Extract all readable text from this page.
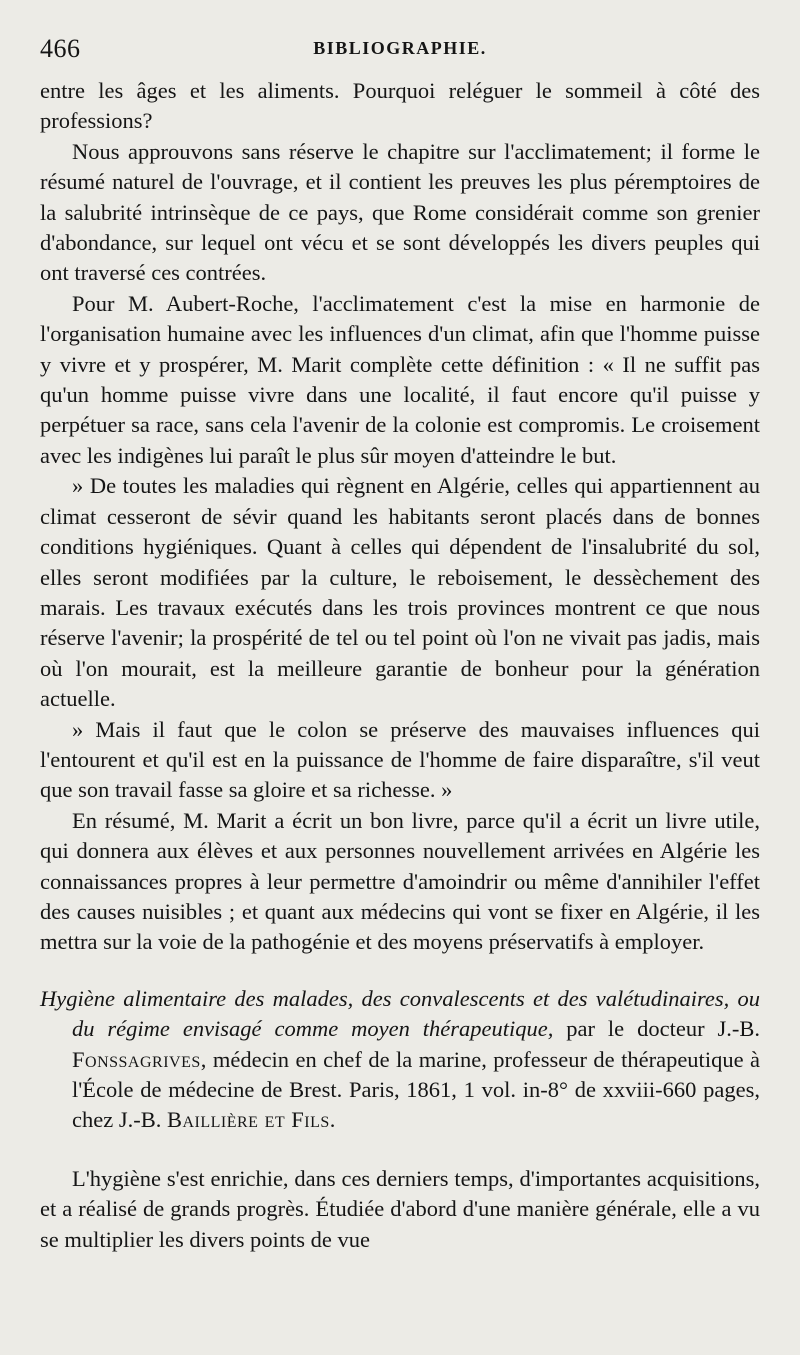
466	BIBLIOGRAPHIE.

entre les âges et les aliments. Pourquoi reléguer le sommeil à côté des professions?

Nous approuvons sans réserve le chapitre sur l'acclimatement; il forme le résumé naturel de l'ouvrage, et il contient les preuves les plus péremptoires de la salubrité intrinsèque de ce pays, que Rome considérait comme son grenier d'abondance, sur lequel ont vécu et se sont développés les divers peuples qui ont traversé ces contrées.

Pour M. Aubert-Roche, l'acclimatement c'est la mise en harmonie de l'organisation humaine avec les influences d'un climat, afin que l'homme puisse y vivre et y prospérer, M. Marit complète cette définition : « Il ne suffit pas qu'un homme puisse vivre dans une localité, il faut encore qu'il puisse y perpétuer sa race, sans cela l'avenir de la colonie est compromis. Le croisement avec les indigènes lui paraît le plus sûr moyen d'atteindre le but.

» De toutes les maladies qui règnent en Algérie, celles qui appartiennent au climat cesseront de sévir quand les habitants seront placés dans de bonnes conditions hygiéniques. Quant à celles qui dépendent de l'insalubrité du sol, elles seront modifiées par la culture, le reboisement, le dessèchement des marais. Les travaux exécutés dans les trois provinces montrent ce que nous réserve l'avenir; la prospérité de tel ou tel point où l'on ne vivait pas jadis, mais où l'on mourait, est la meilleure garantie de bonheur pour la génération actuelle.

» Mais il faut que le colon se préserve des mauvaises influences qui l'entourent et qu'il est en la puissance de l'homme de faire disparaître, s'il veut que son travail fasse sa gloire et sa richesse. »

En résumé, M. Marit a écrit un bon livre, parce qu'il a écrit un livre utile, qui donnera aux élèves et aux personnes nouvellement arrivées en Algérie les connaissances propres à leur permettre d'amoindrir ou même d'annihiler l'effet des causes nuisibles ; et quant aux médecins qui vont se fixer en Algérie, il les mettra sur la voie de la pathogénie et des moyens préservatifs à employer.

Hygiène alimentaire des malades, des convalescents et des valétudinaires, ou du régime envisagé comme moyen thérapeutique, par le docteur J.-B. Fonssagrives, médecin en chef de la marine, professeur de thérapeutique à l'École de médecine de Brest. Paris, 1861, 1 vol. in-8° de xxviii-660 pages, chez J.-B. Baillière et Fils.

L'hygiène s'est enrichie, dans ces derniers temps, d'importantes acquisitions, et a réalisé de grands progrès. Étudiée d'abord d'une manière générale, elle a vu se multiplier les divers points de vue
